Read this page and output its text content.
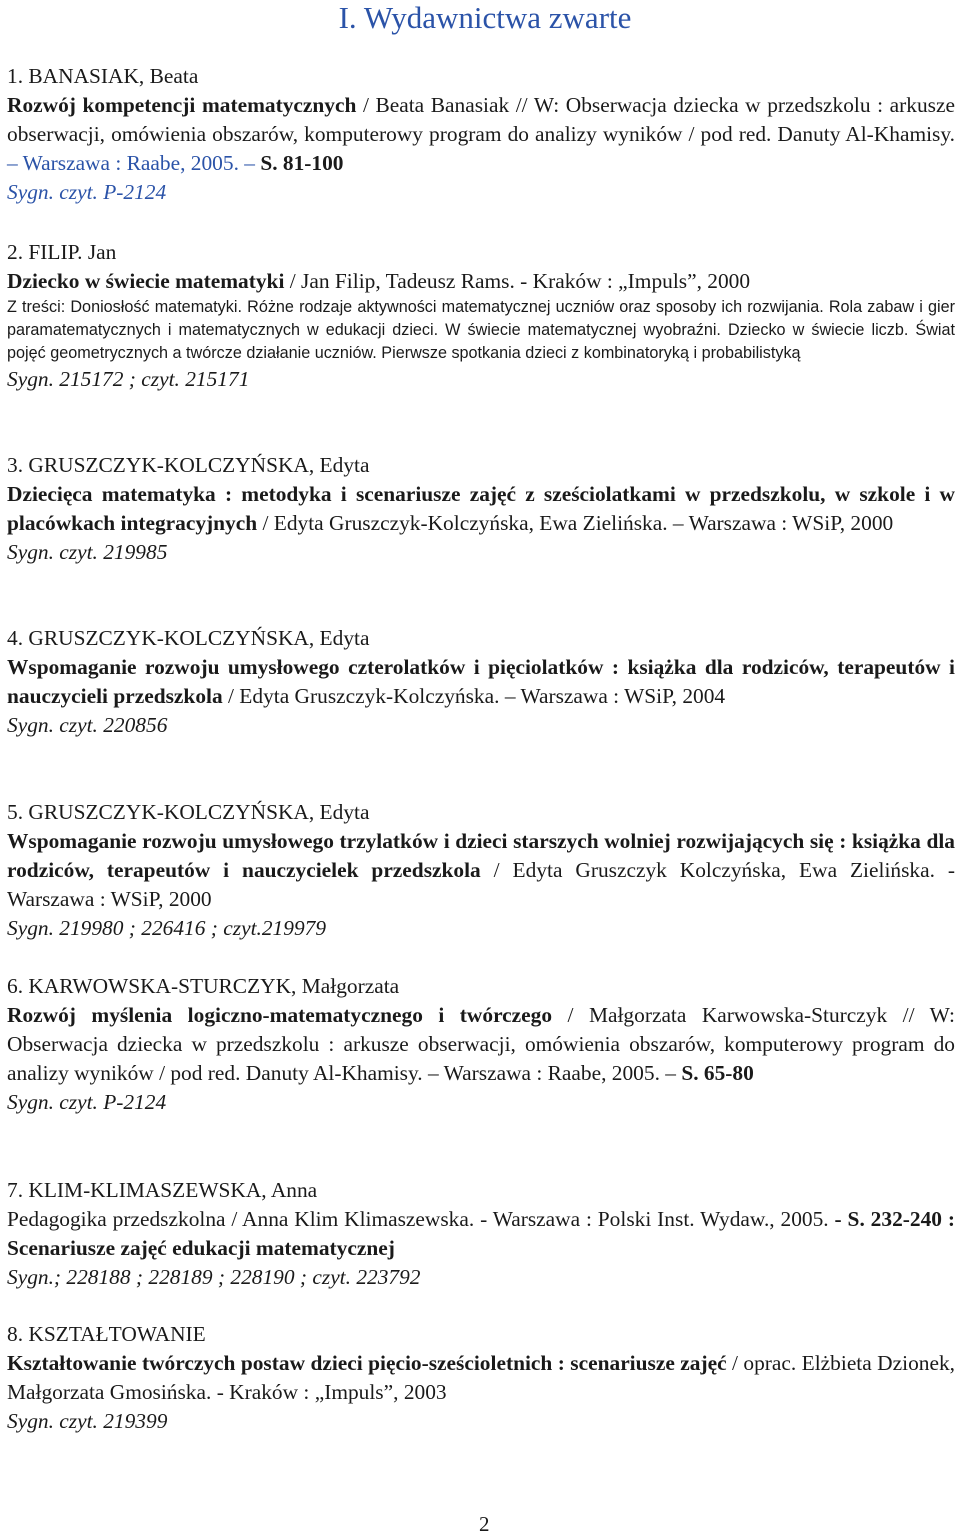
I. Wydawnictwa zwarte

1. BANASIAK, Beata

Rozwój kompetencji matematycznych / Beata Banasiak // W: Obserwacja dziecka w przedszkolu : arkusze obserwacji, omówienia obszarów, komputerowy program do analizy wyników / pod red. Danuty Al-Khamisy. – Warszawa : Raabe, 2005. – S. 81-100

Sygn. czyt. P-2124

2. FILIP. Jan

Dziecko w świecie matematyki / Jan Filip, Tadeusz Rams. - Kraków : „Impuls”, 2000

Z treści: Doniosłość matematyki. Różne rodzaje aktywności matematycznej uczniów oraz sposoby ich rozwijania. Rola zabaw i gier paramatematycznych i matematycznych w edukacji dzieci. W świecie matematycznej wyobraźni. Dziecko w świecie liczb. Świat pojęć geometrycznych a twórcze działanie uczniów. Pierwsze spotkania dzieci z kombinatoryką i probabilistyką

Sygn. 215172 ; czyt. 215171

3. GRUSZCZYK-KOLCZYŃSKA, Edyta

Dziecięca matematyka : metodyka i scenariusze zajęć z sześciolatkami w przedszkolu, w szkole i w placówkach integracyjnych / Edyta Gruszczyk-Kolczyńska, Ewa Zielińska. – Warszawa : WSiP, 2000

Sygn. czyt. 219985

4. GRUSZCZYK-KOLCZYŃSKA, Edyta

Wspomaganie rozwoju umysłowego czterolatków i pięciolatków : książka dla rodziców, terapeutów i nauczycieli przedszkola / Edyta Gruszczyk-Kolczyńska. – Warszawa : WSiP, 2004

Sygn. czyt. 220856

5. GRUSZCZYK-KOLCZYŃSKA, Edyta

Wspomaganie rozwoju umysłowego trzylatków i dzieci starszych wolniej rozwijających się : książka dla rodziców, terapeutów i nauczycielek przedszkola / Edyta Gruszczyk Kolczyńska, Ewa Zielińska. - Warszawa : WSiP, 2000

Sygn. 219980 ; 226416 ; czyt.219979

6. KARWOWSKA-STURCZYK, Małgorzata

Rozwój myślenia logiczno-matematycznego i twórczego / Małgorzata Karwowska-Sturczyk // W: Obserwacja dziecka w przedszkolu : arkusze obserwacji, omówienia obszarów, komputerowy program do analizy wyników / pod red. Danuty Al-Khamisy. – Warszawa : Raabe, 2005. – S. 65-80

Sygn. czyt. P-2124

7. KLIM-KLIMASZEWSKA, Anna

Pedagogika przedszkolna / Anna Klim Klimaszewska. - Warszawa : Polski Inst. Wydaw., 2005. - S. 232-240 : Scenariusze zajęć edukacji matematycznej

Sygn.; 228188 ; 228189 ; 228190 ; czyt. 223792

8. KSZTAŁTOWANIE

Kształtowanie twórczych postaw dzieci pięcio-sześcioletnich : scenariusze zajęć / oprac. Elżbieta Dzionek, Małgorzata Gmosińska. - Kraków : „Impuls”, 2003

Sygn. czyt. 219399

2
